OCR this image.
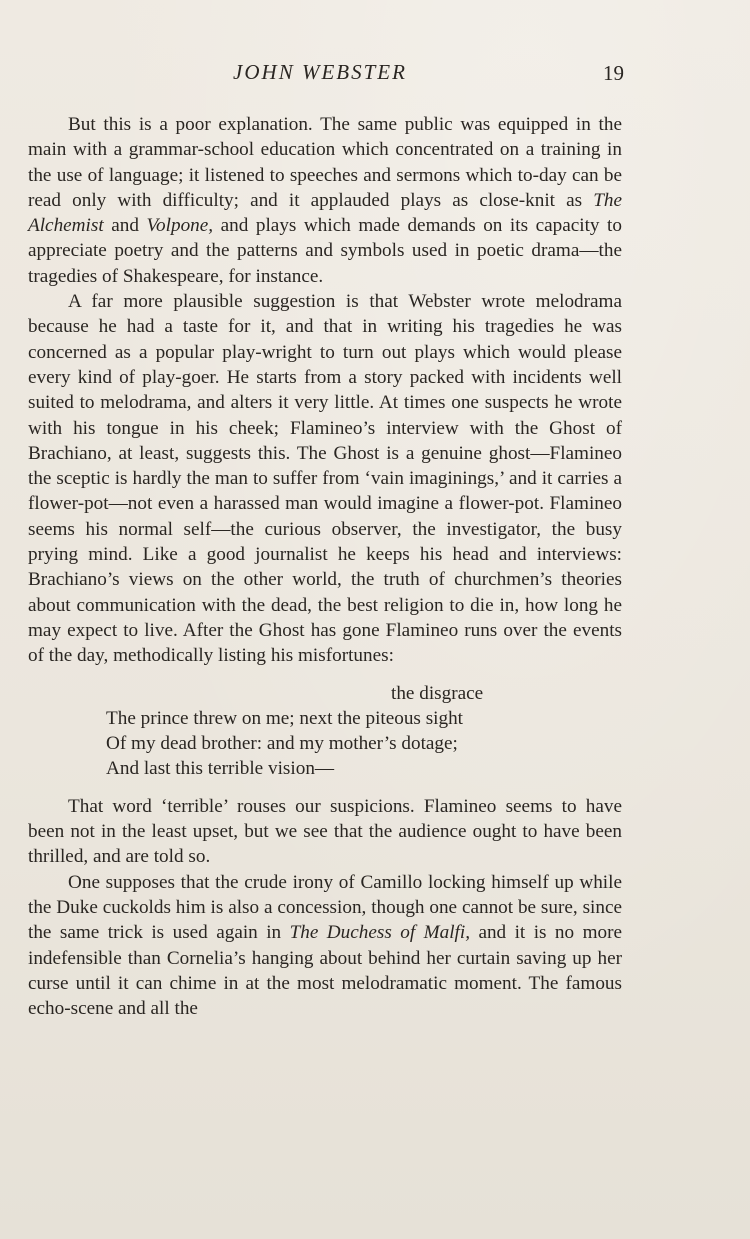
JOHN WEBSTER	19

But this is a poor explanation. The same public was equipped in the main with a grammar-school education which concentrated on a training in the use of language; it listened to speeches and sermons which to-day can be read only with difficulty; and it applauded plays as close-knit as The Alchemist and Volpone, and plays which made demands on its capacity to appreciate poetry and the patterns and symbols used in poetic drama—the tragedies of Shakespeare, for instance.

A far more plausible suggestion is that Webster wrote melodrama because he had a taste for it, and that in writing his tragedies he was concerned as a popular play-wright to turn out plays which would please every kind of play-goer. He starts from a story packed with incidents well suited to melodrama, and alters it very little. At times one suspects he wrote with his tongue in his cheek; Flamineo’s interview with the Ghost of Brachiano, at least, suggests this. The Ghost is a genuine ghost—Flamineo the sceptic is hardly the man to suffer from ‘vain imaginings,’ and it carries a flower-pot—not even a harassed man would imagine a flower-pot. Flamineo seems his normal self—the curious observer, the investigator, the busy prying mind. Like a good journalist he keeps his head and interviews: Brachiano’s views on the other world, the truth of churchmen’s theories about communication with the dead, the best religion to die in, how long he may expect to live. After the Ghost has gone Flamineo runs over the events of the day, methodically listing his misfortunes:

the disgrace
The prince threw on me; next the piteous sight
Of my dead brother: and my mother’s dotage;
And last this terrible vision—

That word ‘terrible’ rouses our suspicions. Flamineo seems to have been not in the least upset, but we see that the audience ought to have been thrilled, and are told so.

One supposes that the crude irony of Camillo locking himself up while the Duke cuckolds him is also a concession, though one cannot be sure, since the same trick is used again in The Duchess of Malfi, and it is no more indefensible than Cornelia’s hanging about behind her curtain saving up her curse until it can chime in at the most melodramatic moment. The famous echo-scene and all the
